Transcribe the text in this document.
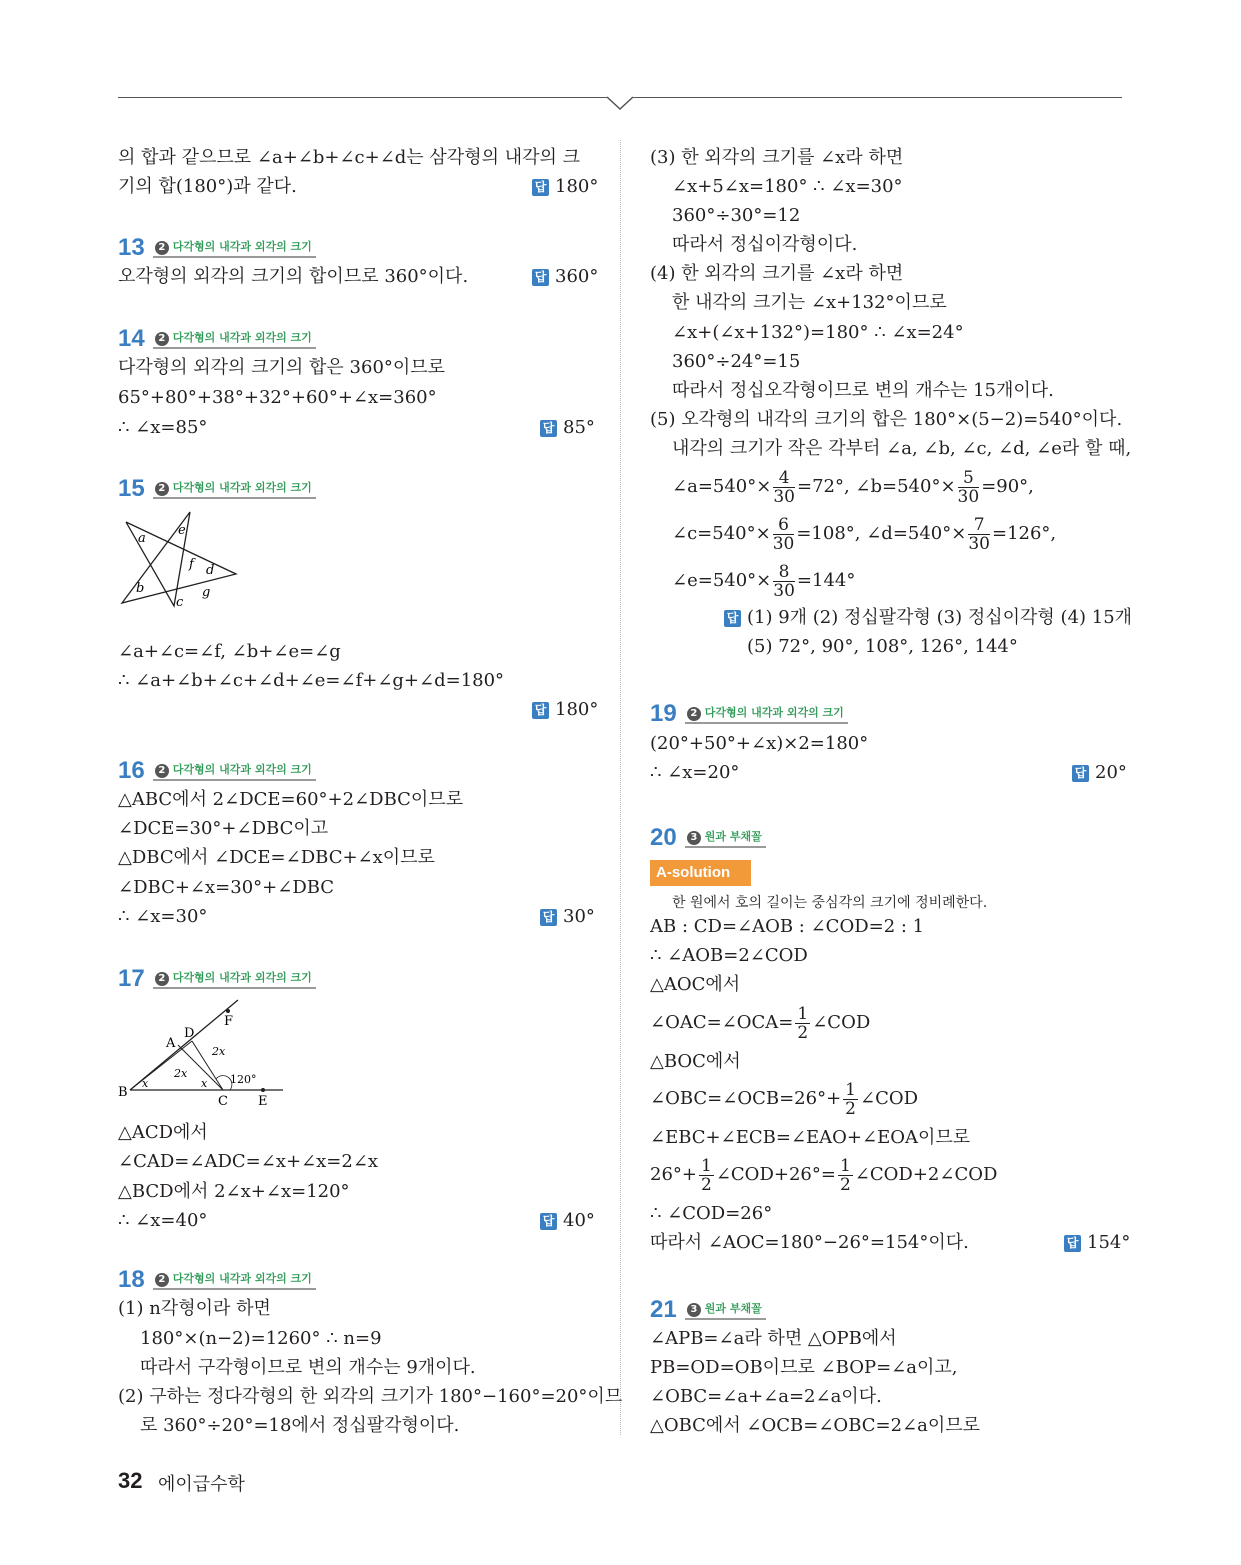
의 합과 같으므로 ∠a+∠b+∠c+∠d는 삼각형의 내각의 크
기의 합(180°)과 같다.	답 180°
13 2 다각형의 내각과 외각의 크기
오각형의 외각의 크기의 합이므로 360°이다.	답 360°
14 2 다각형의 내각과 외각의 크기
다각형의 외각의 크기의 합은 360°이므로
65°+80°+38°+32°+60°+∠x=360°
∴ ∠x=85°	답 85°
15 2 다각형의 내각과 외각의 크기
a
e
f d
b	g
c
∠a+∠c=∠f, ∠b+∠e=∠g
∴ ∠a+∠b+∠c+∠d+∠e=∠f+∠g+∠d=180°
답 180°
16 2 다각형의 내각과 외각의 크기
△ABC에서 2∠DCE=60°+2∠DBC이므로
∠DCE=30°+∠DBC이고
△DBC에서 ∠DCE=∠DBC+∠x이므로
∠DBC+∠x=30°+∠DBC
∴ ∠x=30°	답 30°
17 2 다각형의 내각과 외각의 크기
F
D
A
2x
2x
x 120°
B
x
C E
△ACD에서
∠CAD=∠ADC=∠x+∠x=2∠x
△BCD에서 2∠x+∠x=120°
∴ ∠x=40°	답 40°
18 2 다각형의 내각과 외각의 크기
(1) n각형이라 하면
180°×(n−2)=1260° ∴ n=9
따라서 구각형이므로 변의 개수는 9개이다.
(2) 구하는 정다각형의 한 외각의 크기가 180°−160°=20°이므
로 360°÷20°=18에서 정십팔각형이다.
(3) 한 외각의 크기를 ∠x라 하면
∠x+5∠x=180° ∴ ∠x=30°
360°÷30°=12
따라서 정십이각형이다.
(4) 한 외각의 크기를 ∠x라 하면
한 내각의 크기는 ∠x+132°이므로
∠x+(∠x+132°)=180° ∴ ∠x=24°
360°÷24°=15
따라서 정십오각형이므로 변의 개수는 15개이다.
(5) 오각형의 내각의 크기의 합은 180°×(5−2)=540°이다.
내각의 크기가 작은 각부터 ∠a, ∠b, ∠c, ∠d, ∠e라 할 때,
∠a=540°× $\frac{4}{30} =72^\circ$, ∠b=540°× $\frac{5}{30} =90^\circ$,
∠c=540°× $\frac{6}{30} =108^\circ$, ∠d=540°× $\frac{7}{30} =126^\circ$,
∠e=540°× $\frac{8}{30} =144^\circ$
답 (1) 9개 (2) 정십팔각형 (3) 정십이각형 (4) 15개
(5) 72°, 90°, 108°, 126°, 144°
19 2 다각형의 내각과 외각의 크기
(20°+50°+∠x)×2=180°
∴ ∠x=20°	답 20°
20 3 원과 부채꼴
A-solution
한 원에서 호의 길이는 중심각의 크기에 정비례한다.
AB : CD=∠AOB : ∠COD=2 : 1
∴ ∠AOB=2∠COD
△AOC에서
∠OAC=∠OCA= $\frac{1}{2}$ ∠COD
△BOC에서
∠OBC=∠OCB=26°+ $\frac{1}{2}$ ∠COD
∠EBC+∠ECB=∠EAO+∠EOA이므로
$26^\circ+ \frac{1}{2}$ ∠COD+26°= $\frac{1}{2}$ ∠COD+2∠COD
∴ ∠COD=26°
따라서 ∠AOC=180°−26°=154°이다.	답 154°
21 3 원과 부채꼴
∠APB=∠a라 하면 △OPB에서
PB=OD=OB이므로 ∠BOP=∠a이고,
∠OBC=∠a+∠a=2∠a이다.
△OBC에서 ∠OCB=∠OBC=2∠a이므로
32 에이급수학
